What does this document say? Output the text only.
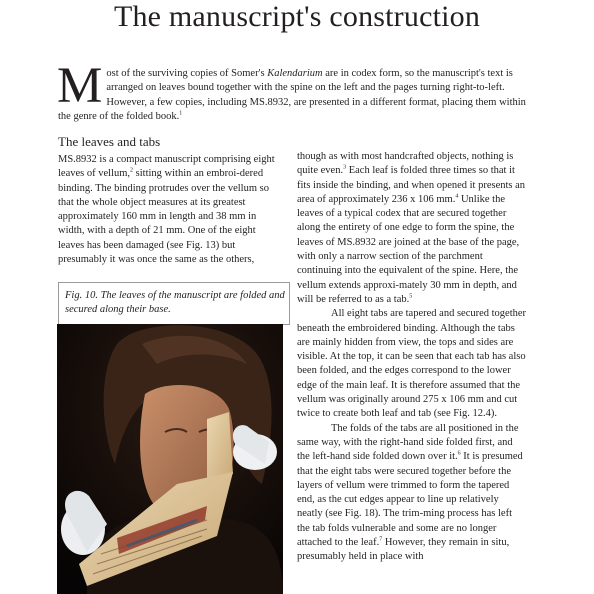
The manuscript's construction

Most of the surviving copies of Somer's Kalendarium are in codex form, so the manuscript's text is arranged on leaves bound together with the spine on the left and the pages turning right-to-left. However, a few copies, including MS.8932, are presented in a different format, placing them within the genre of the folded book.$^1$

The leaves and tabs

MS.8932 is a compact manuscript comprising eight leaves of vellum,$^2$ sitting within an embroi-dered binding. The binding protrudes over the vellum so that the whole object measures at its greatest approximately 160 mm in length and 38 mm in width, with a depth of 21 mm. One of the eight leaves has been damaged (see Fig. 13) but presumably it was once the same as the others,

Fig. 10. The leaves of the manuscript are folded and secured along their base.

though as with most handcrafted objects, nothing is quite even.$^3$ Each leaf is folded three times so that it fits inside the binding, and when opened it presents an area of approximately 236 x 106 mm.$^4$ Unlike the leaves of a typical codex that are secured together along the entirety of one edge to form the spine, the leaves of MS.8932 are joined at the base of the page, with only a narrow section of the parchment continuing into the equivalent of the spine. Here, the vellum extends approxi-mately 30 mm in depth, and will be referred to as a tab.$^5$

All eight tabs are tapered and secured together beneath the embroidered binding. Although the tabs are mainly hidden from view, the tops and sides are visible. At the top, it can be seen that each tab has also been folded, and the edges correspond to the lower edge of the main leaf. It is therefore assumed that the vellum was originally around 275 x 106 mm and cut twice to create both leaf and tab (see Fig. 12.4).

The folds of the tabs are all positioned in the same way, with the right-hand side folded first, and the left-hand side folded down over it.$^6$ It is presumed that the eight tabs were secured together before the layers of vellum were trimmed to form the tapered end, as the cut edges appear to line up relatively neatly (see Fig. 18). The trim-ming process has left the tab folds vulnerable and some are no longer attached to the leaf.$^7$ However, they remain in situ, presumably held in place with
